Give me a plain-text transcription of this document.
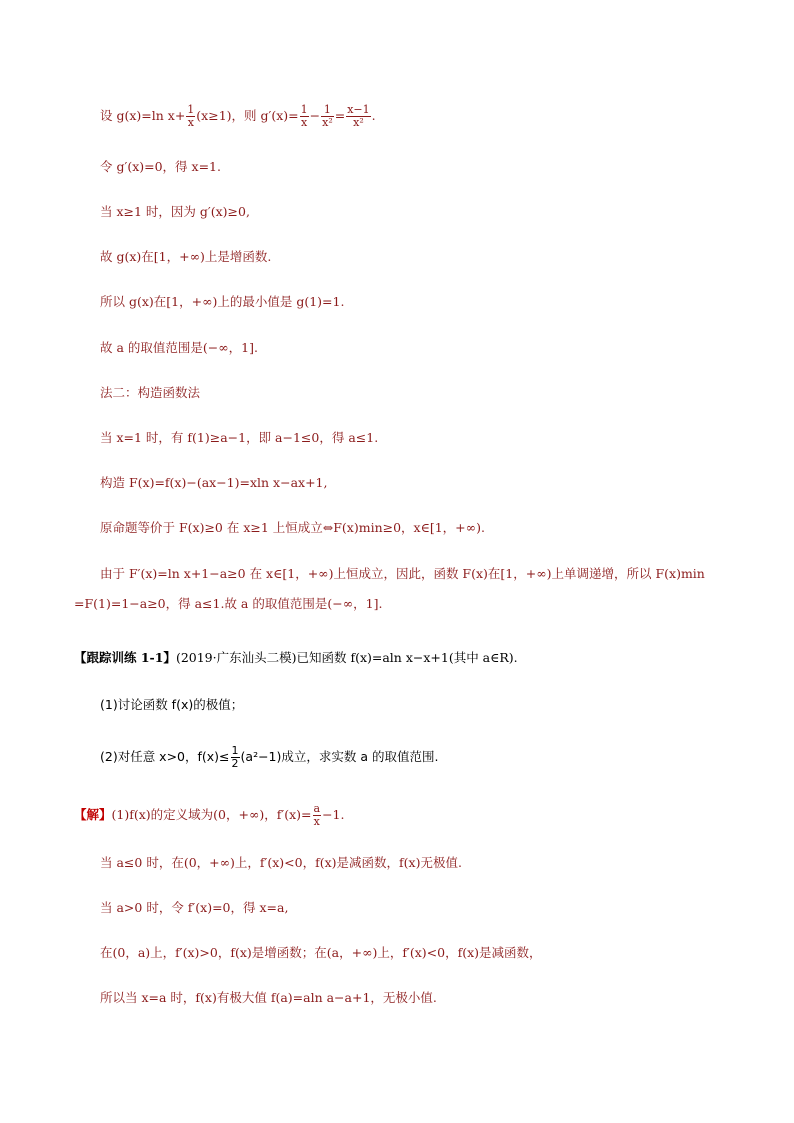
设 g(x)=ln $x+ \frac{1}{x} (x\ge 1)$，则 $g'(x)= \frac{1}{x} - \frac{1}{\text{x²}} = \frac{x-1}{\text{x²}}$ .
令 g′(x)=0，得 x=1.
当 x≥1 时，因为 g′(x)≥0,
故 g(x)在[1，+∞)上是增函数.
所以 g(x)在[1，+∞)上的最小值是 g(1)=1.
故 a 的取值范围是(−∞，1].
法二：构造函数法
当 x=1 时，有 f(1)≥a−1，即 a−1≤0，得 a≤1.
构造 F(x)=f(x)−(ax−1)=xln x−ax+1,
原命题等价于 F(x)≥0 在 x≥1 上恒成立⇔F(x)min≥0，x∈[1，+∞).
由于 F′(x)=ln x+1−a≥0 在 x∈[1，+∞)上恒成立，因此，函数 F(x)在[1，+∞)上单调递增，所以 F(x)min
=F(1)=1−a≥0，得 a≤1.故 a 的取值范围是(−∞，1].
【跟踪训练 1-1】(2019·广东汕头二模)已知函数 f(x)=aln x−x+1(其中 a∈R).
(1)讨论函数 f(x)的极值；
(2)对任意 x>0，$f(x)\le \frac{1}{2} (a^2-1)$成立，求实数 a 的取值范围.
【解】(1)f(x)的定义域为(0，+∞)，$f'(x)= \frac{a}{x} -1$.
当 a≤0 时，在(0，+∞)上，f′(x)<0，f(x)是减函数，f(x)无极值.
当 a>0 时，令 f′(x)=0，得 x=a,
在(0，a)上，f′(x)>0，f(x)是增函数；在(a，+∞)上，f′(x)<0，f(x)是减函数，
所以当 x=a 时，f(x)有极大值 f(a)=aln a−a+1，无极小值.
